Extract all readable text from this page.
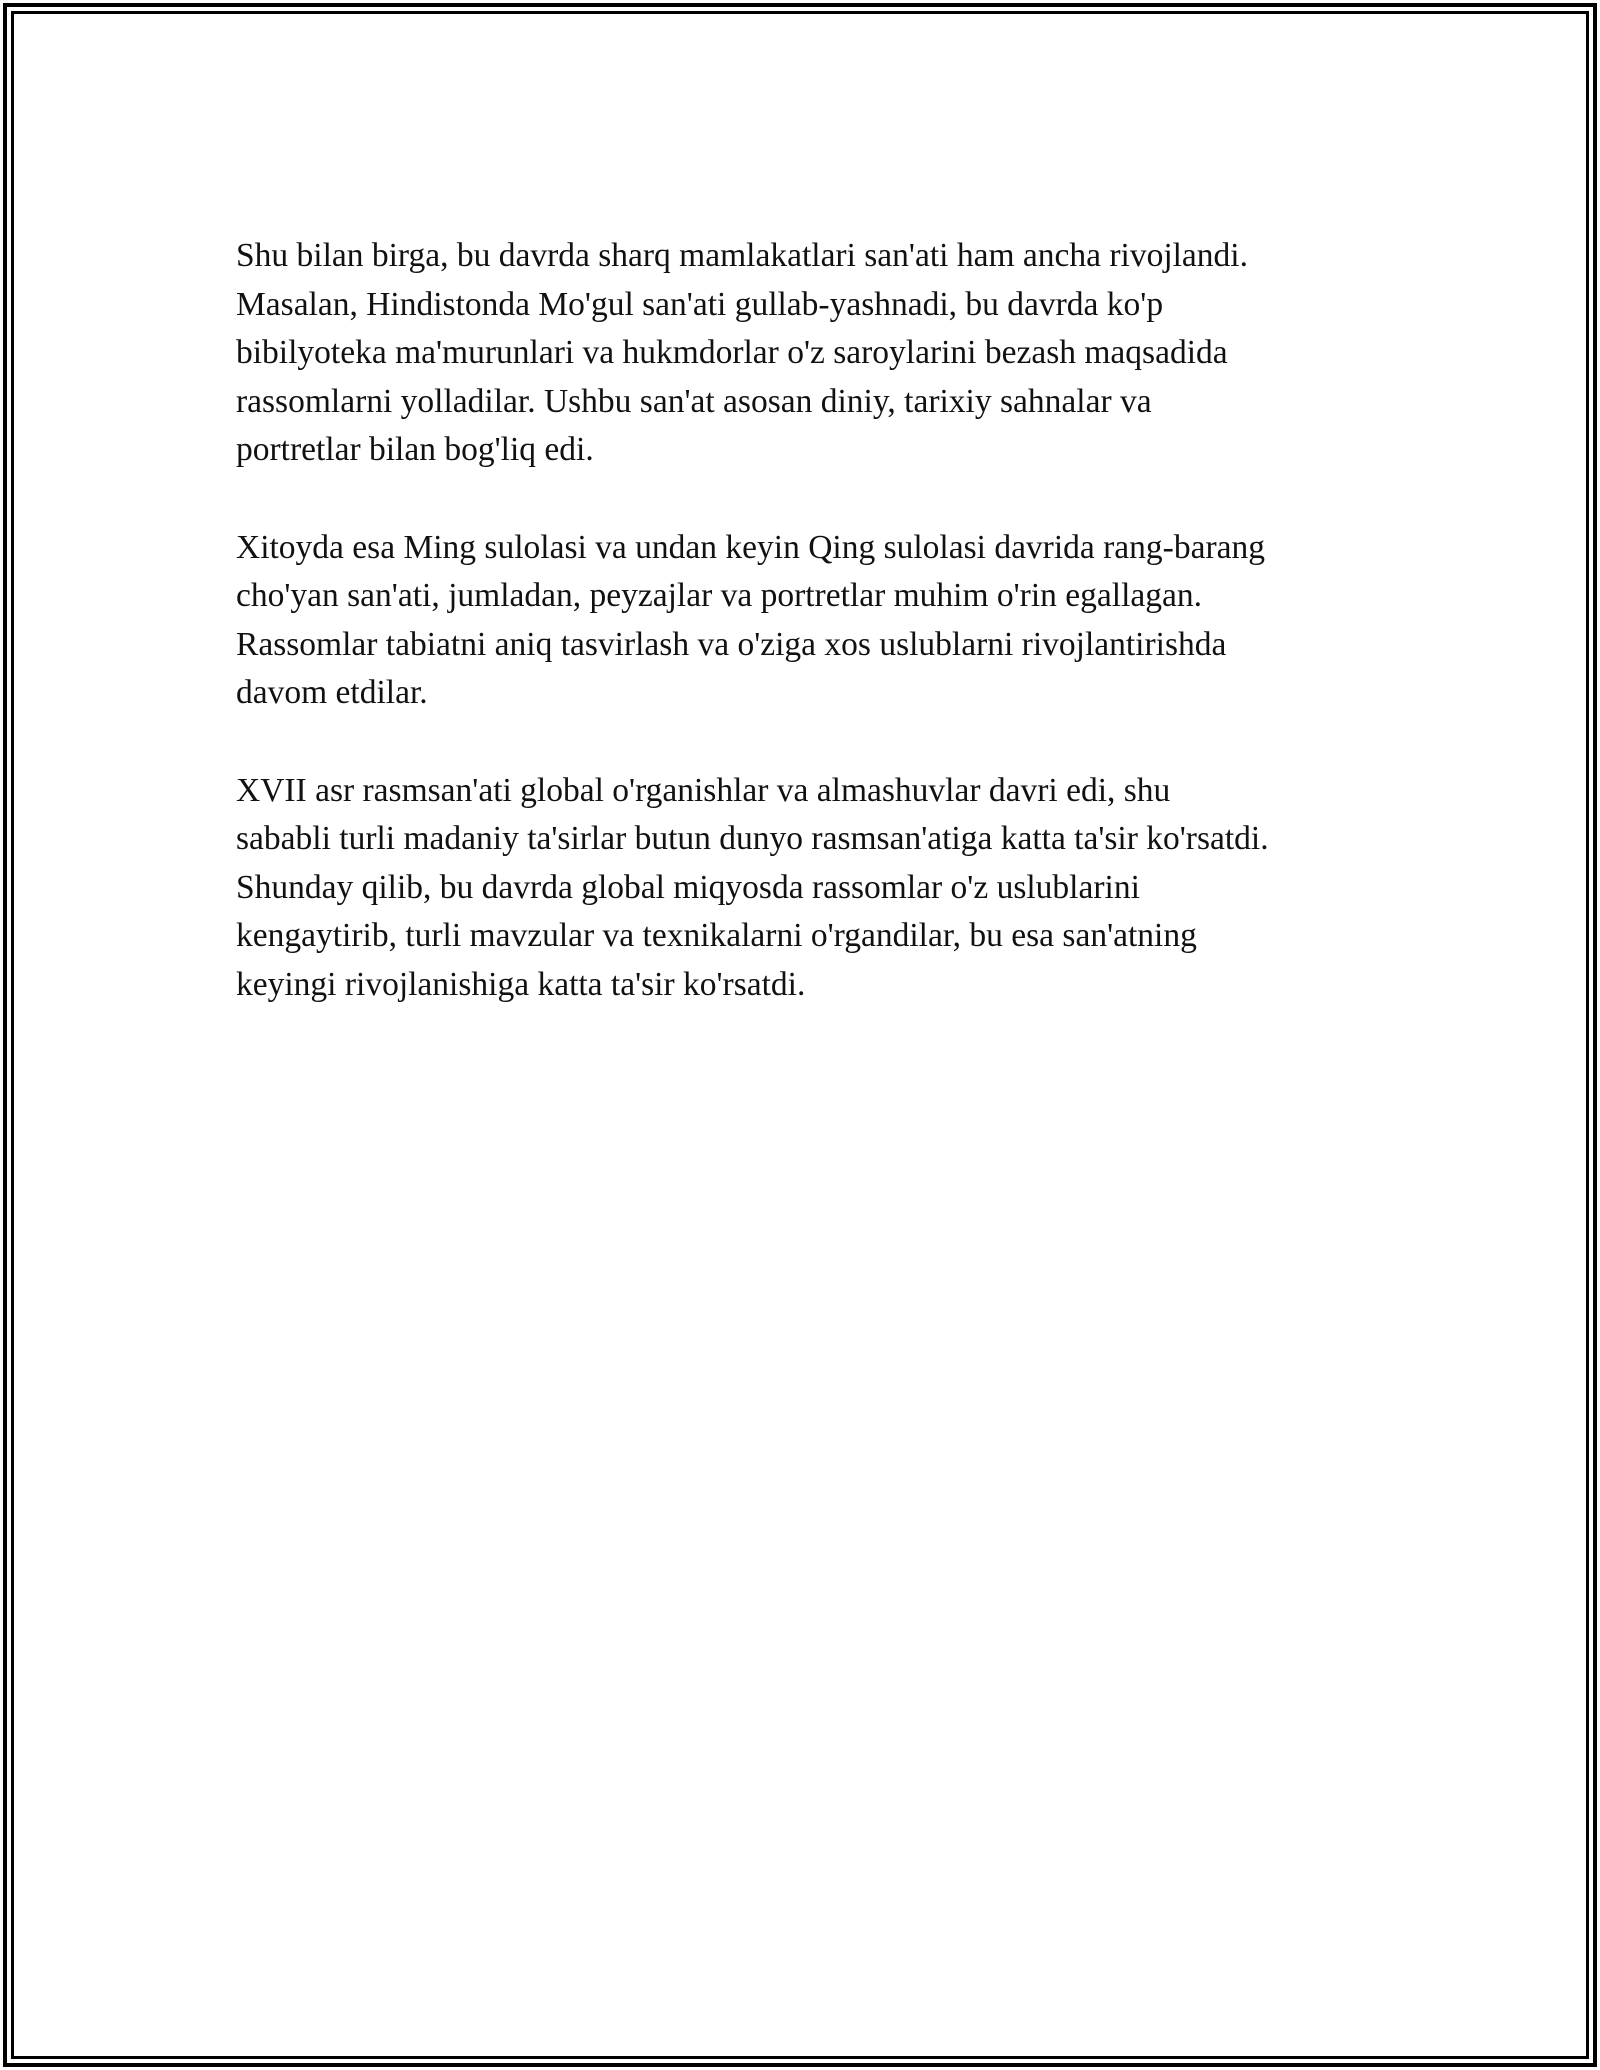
Shu bilan birga, bu davrda sharq mamlakatlari san'ati ham ancha rivojlandi.
Masalan, Hindistonda Mo'gul san'ati gullab-yashnadi, bu davrda ko'p
bibilyoteka ma'murunlari va hukmdorlar o'z saroylarini bezash maqsadida
rassomlarni yolladilar. Ushbu san'at asosan diniy, tarixiy sahnalar va
portretlar bilan bog'liq edi.

Xitoyda esa Ming sulolasi va undan keyin Qing sulolasi davrida rang-barang
cho'yan san'ati, jumladan, peyzajlar va portretlar muhim o'rin egallagan.
Rassomlar tabiatni aniq tasvirlash va o'ziga xos uslublarni rivojlantirishda
davom etdilar.

XVII asr rasmsan'ati global o'rganishlar va almashuvlar davri edi, shu
sababli turli madaniy ta'sirlar butun dunyo rasmsan'atiga katta ta'sir ko'rsatdi.
Shunday qilib, bu davrda global miqyosda rassomlar o'z uslublarini
kengaytirib, turli mavzular va texnikalarni o'rgandilar, bu esa san'atning
keyingi rivojlanishiga katta ta'sir ko'rsatdi.
